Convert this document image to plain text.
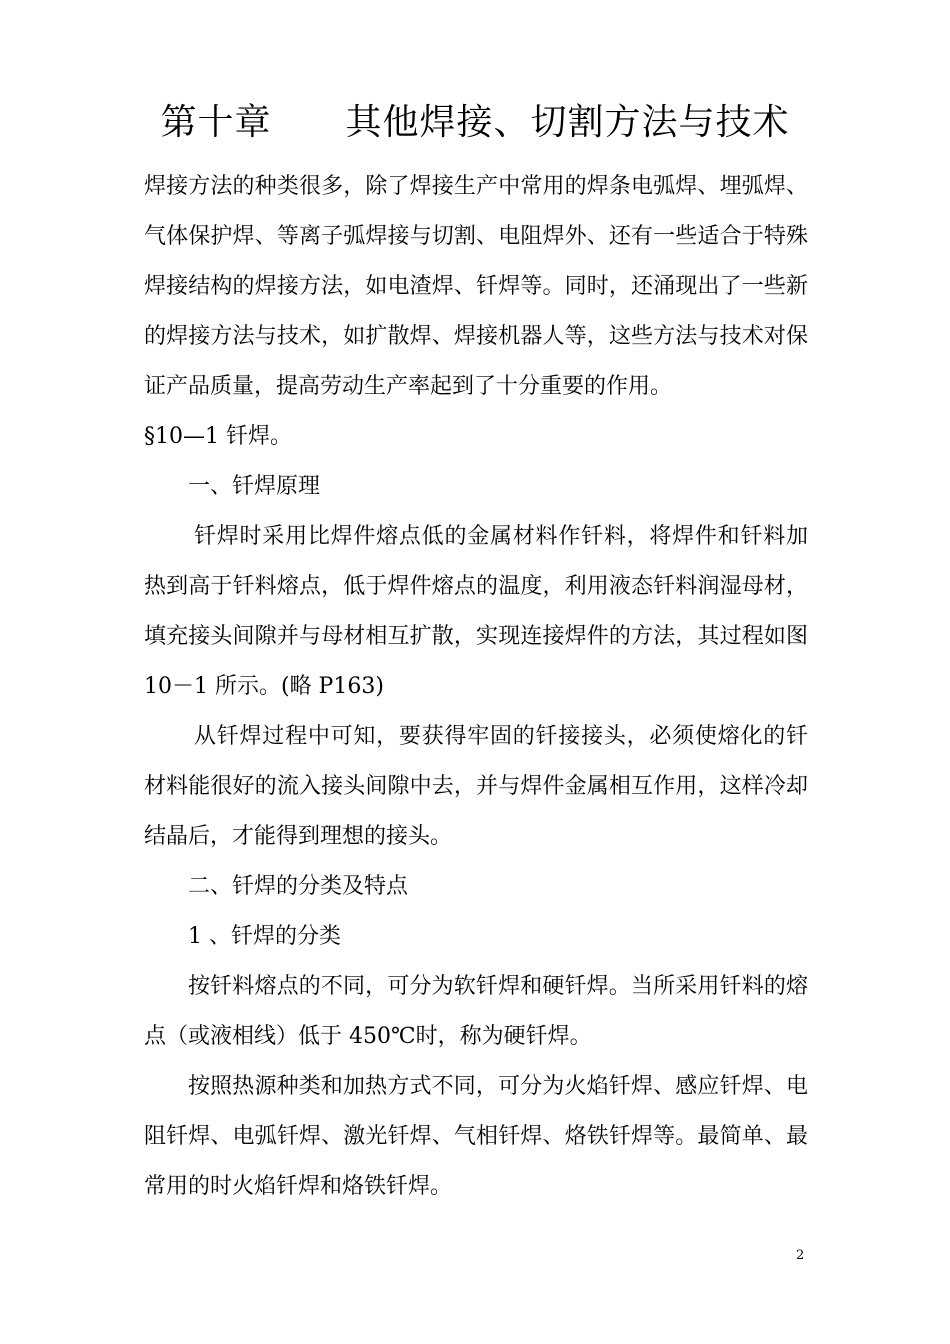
第十章　　其他焊接、切割方法与技术

焊接方法的种类很多，除了焊接生产中常用的焊条电弧焊、埋弧焊、气体保护焊、等离子弧焊接与切割、电阻焊外、还有一些适合于特殊焊接结构的焊接方法，如电渣焊、钎焊等。同时，还涌现出了一些新的焊接方法与技术，如扩散焊、焊接机器人等，这些方法与技术对保证产品质量，提高劳动生产率起到了十分重要的作用。

§10—1 钎焊。

一、钎焊原理

钎焊时采用比焊件熔点低的金属材料作钎料，将焊件和钎料加热到高于钎料熔点，低于焊件熔点的温度，利用液态钎料润湿母材，填充接头间隙并与母材相互扩散，实现连接焊件的方法，其过程如图10－1 所示。(略 P163)

从钎焊过程中可知，要获得牢固的钎接接头，必须使熔化的钎材料能很好的流入接头间隙中去，并与焊件金属相互作用，这样冷却结晶后，才能得到理想的接头。

二、钎焊的分类及特点

1 、钎焊的分类

按钎料熔点的不同，可分为软钎焊和硬钎焊。当所采用钎料的熔点（或液相线）低于 450℃时，称为硬钎焊。

按照热源种类和加热方式不同，可分为火焰钎焊、感应钎焊、电阻钎焊、电弧钎焊、激光钎焊、气相钎焊、烙铁钎焊等。最简单、最常用的时火焰钎焊和烙铁钎焊。

2
